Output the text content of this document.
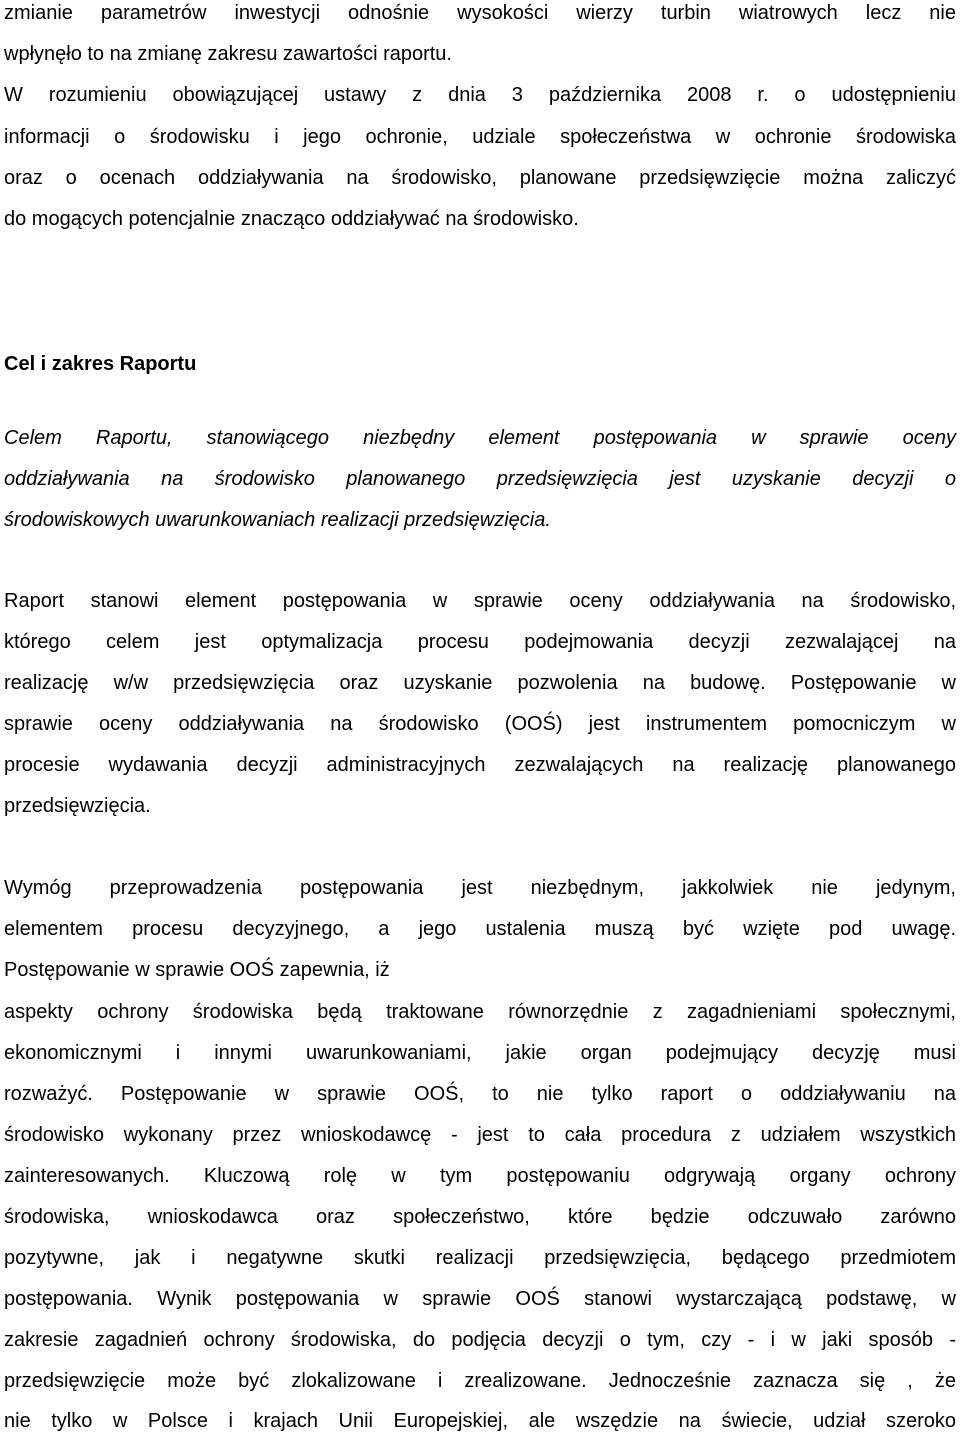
zmianie parametrów inwestycji odnośnie wysokości wierzy turbin wiatrowych lecz nie

wpłynęło to na zmianę zakresu zawartości raportu.

W rozumieniu obowiązującej ustawy z dnia 3 października 2008 r. o udostępnieniu

informacji o środowisku i jego ochronie, udziale społeczeństwa w ochronie środowiska

oraz o ocenach oddziaływania na środowisko, planowane przedsięwzięcie można zaliczyć

do mogących potencjalnie znacząco oddziaływać na środowisko.

Cel i zakres Raportu

Celem Raportu, stanowiącego niezbędny element postępowania w sprawie oceny

oddziaływania na środowisko planowanego przedsięwzięcia jest uzyskanie decyzji o

środowiskowych uwarunkowaniach realizacji przedsięwzięcia.

Raport stanowi element postępowania w sprawie oceny oddziaływania na środowisko,

którego celem jest optymalizacja procesu podejmowania decyzji zezwalającej na

realizację w/w przedsięwzięcia oraz uzyskanie pozwolenia na budowę. Postępowanie w

sprawie oceny oddziaływania na środowisko (OOŚ) jest instrumentem pomocniczym w

procesie wydawania decyzji administracyjnych zezwalających na realizację planowanego

przedsięwzięcia.

Wymóg przeprowadzenia postępowania jest niezbędnym, jakkolwiek nie jedynym,

elementem procesu decyzyjnego, a jego ustalenia muszą być wzięte pod uwagę.

Postępowanie w sprawie OOŚ zapewnia, iż

aspekty ochrony środowiska będą traktowane równorzędnie z zagadnieniami społecznymi,

ekonomicznymi i innymi uwarunkowaniami, jakie organ podejmujący decyzję musi

rozważyć. Postępowanie w sprawie OOŚ, to nie tylko raport o oddziaływaniu na

środowisko wykonany przez wnioskodawcę - jest to cała procedura z udziałem wszystkich

zainteresowanych. Kluczową rolę w tym postępowaniu odgrywają organy ochrony

środowiska, wnioskodawca oraz społeczeństwo, które będzie odczuwało zarówno

pozytywne, jak i negatywne skutki realizacji przedsięwzięcia, będącego przedmiotem

postępowania. Wynik postępowania w sprawie OOŚ stanowi wystarczającą podstawę, w

zakresie zagadnień ochrony środowiska, do podjęcia decyzji o tym, czy - i w jaki sposób -

przedsięwzięcie może być zlokalizowane i zrealizowane. Jednocześnie zaznacza się , że

nie tylko w Polsce i krajach Unii Europejskiej, ale wszędzie na świecie, udział szeroko
